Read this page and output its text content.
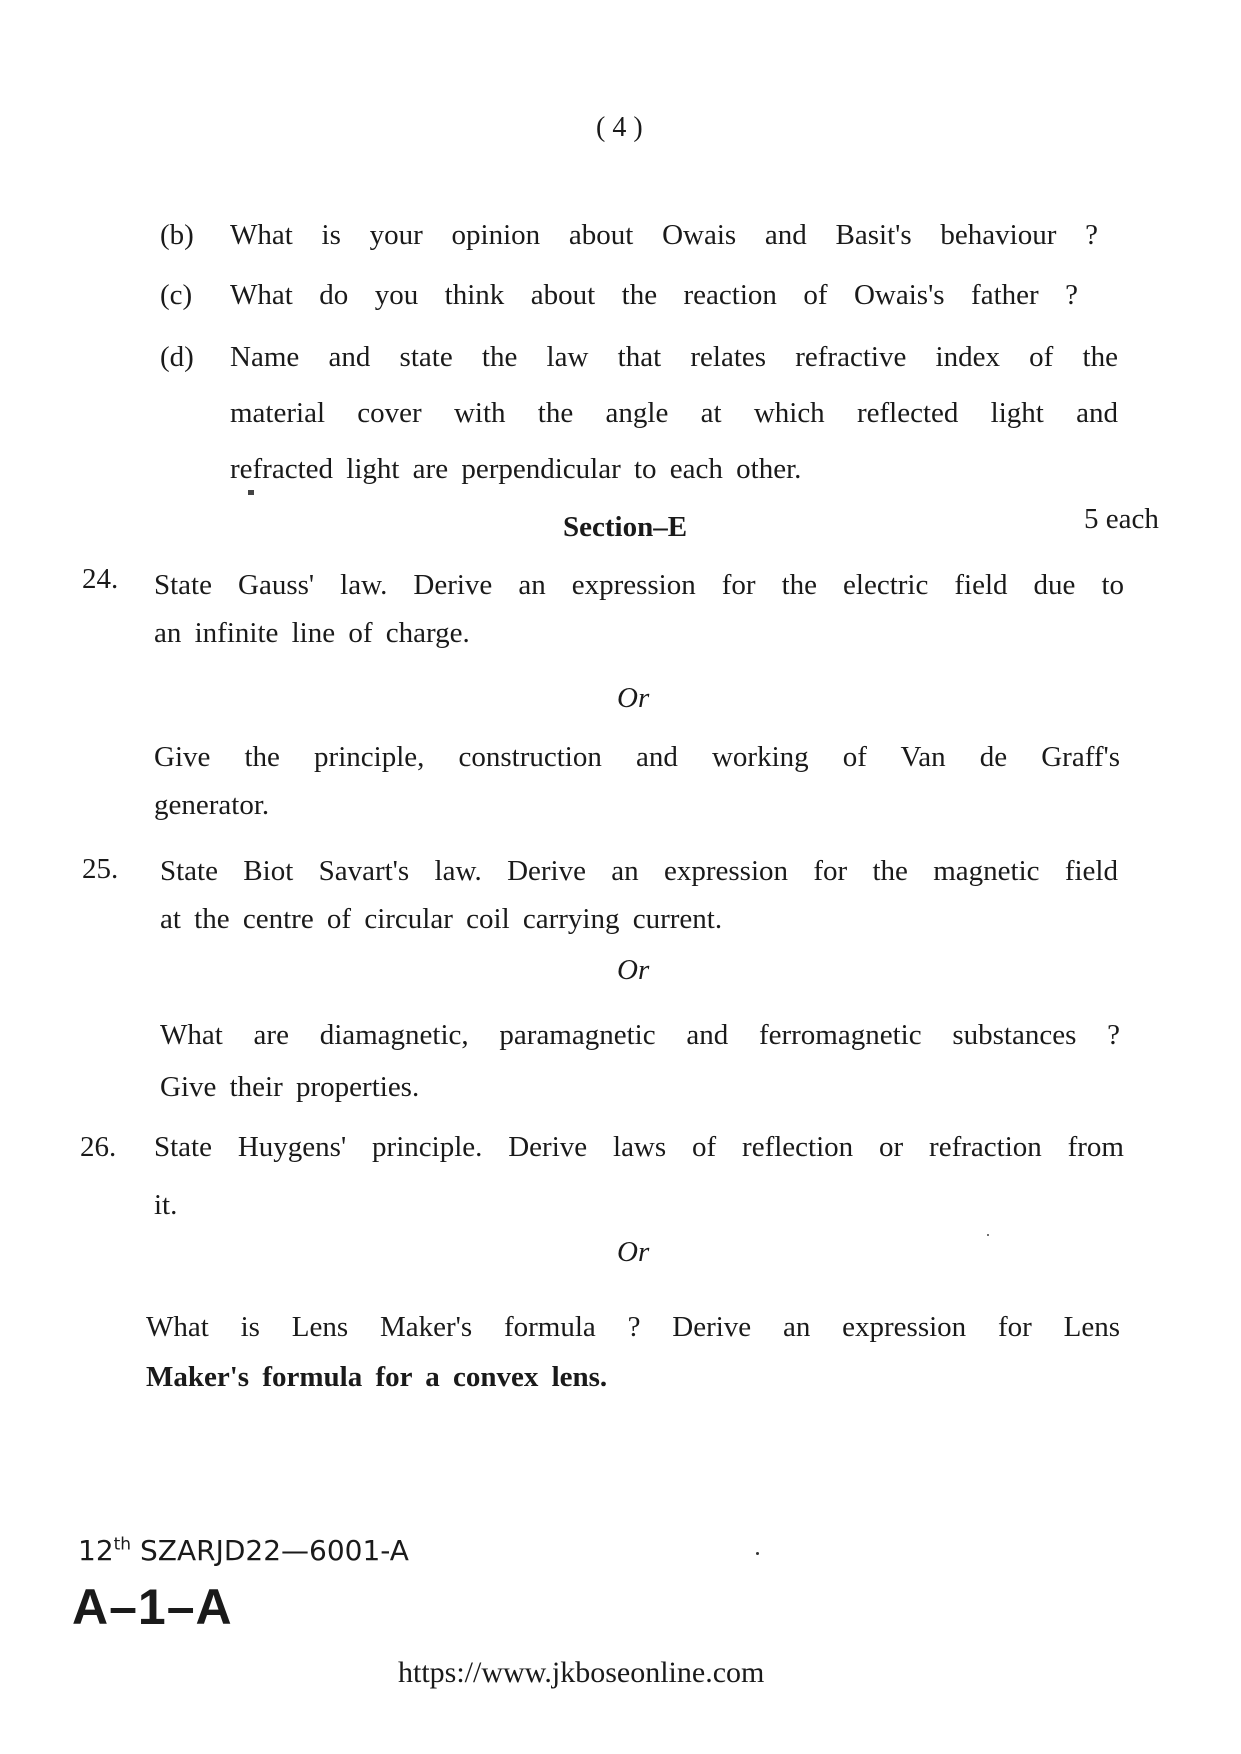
( 4 )
(b) What is your opinion about Owais and Basit's behaviour ?
(c) What do you think about the reaction of Owais's father ?
(d) Name and state the law that relates refractive index of the
material cover with the angle at which reflected light and
refracted light are perpendicular to each other.
Section–E	5 each
24. State Gauss' law. Derive an expression for the electric field due to
an infinite line of charge.
Or
Give the principle, construction and working of Van de Graff's
generator.
25. State Biot Savart's law. Derive an expression for the magnetic field
at the centre of circular coil carrying current.
Or
What are diamagnetic, paramagnetic and ferromagnetic substances ?
Give their properties.
26. State Huygens' principle. Derive laws of reflection or refraction from
it.
Or
What is Lens Maker's formula ? Derive an expression for Lens
Maker's formula for a convex lens.
12th SZARJD22—6001-A
A–1–A
https://www.jkboseonline.com
